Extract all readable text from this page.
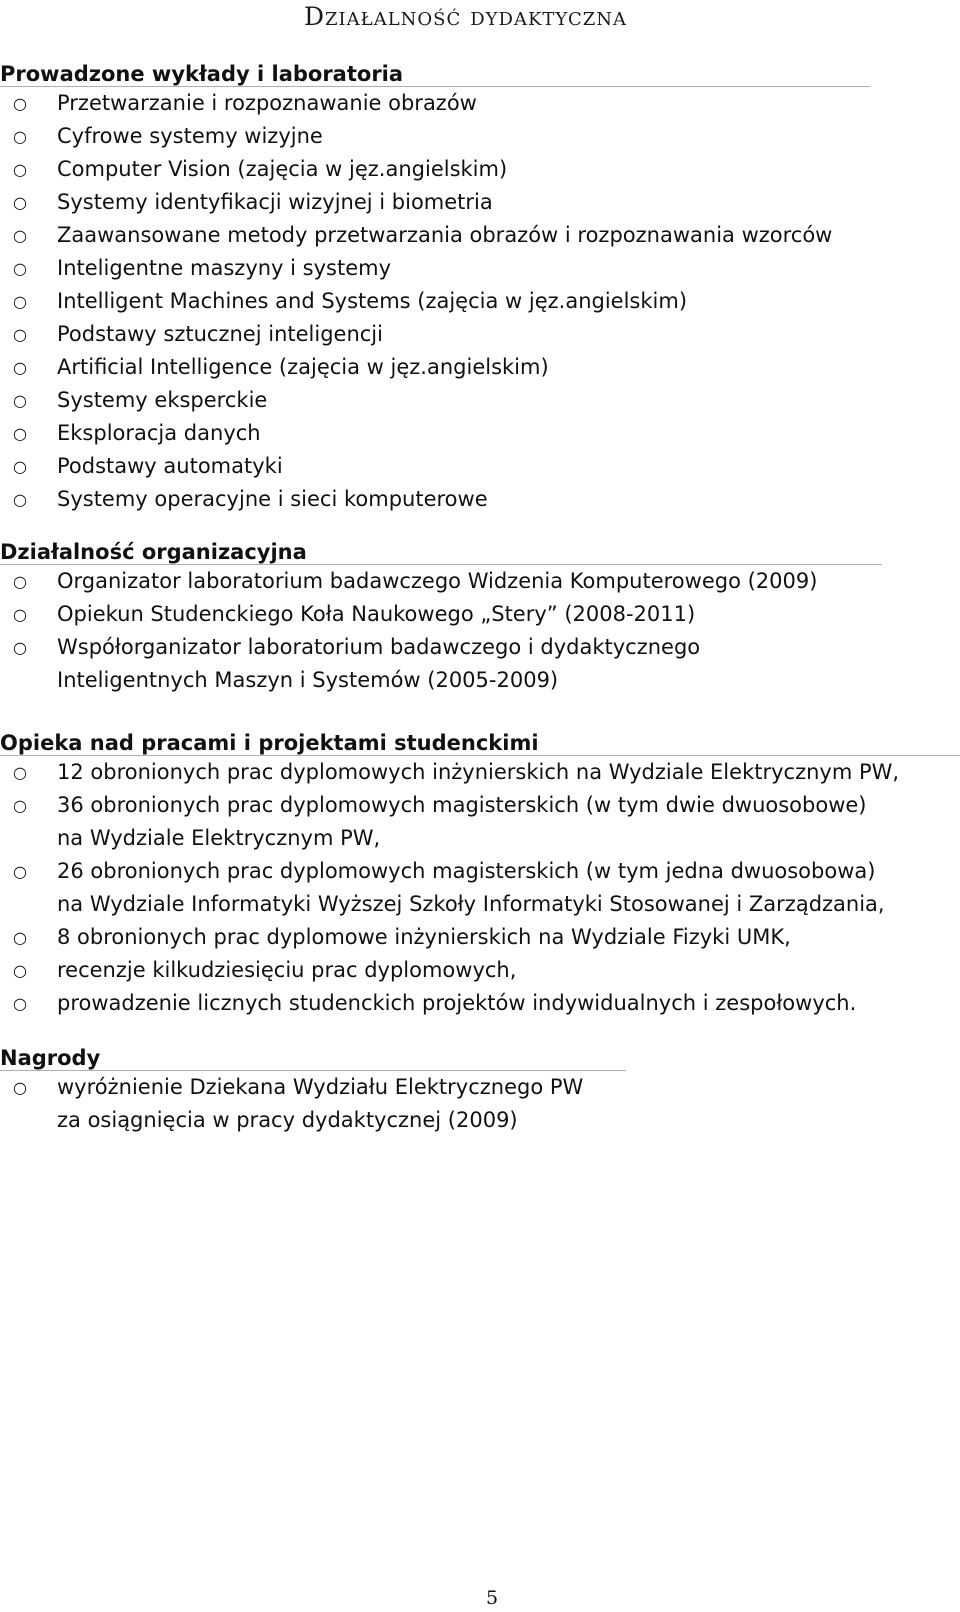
Działalność dydaktyczna
Prowadzone wykłady i laboratoria
○ Przetwarzanie i rozpoznawanie obrazów
○ Cyfrowe systemy wizyjne
○ Computer Vision (zajęcia w jęz.angielskim)
○ Systemy identyfikacji wizyjnej i biometria
○ Zaawansowane metody przetwarzania obrazów i rozpoznawania wzorców
○ Inteligentne maszyny i systemy
○ Intelligent Machines and Systems (zajęcia w jęz.angielskim)
○ Podstawy sztucznej inteligencji
○ Artificial Intelligence (zajęcia w jęz.angielskim)
○ Systemy eksperckie
○ Eksploracja danych
○ Podstawy automatyki
○ Systemy operacyjne i sieci komputerowe
Działalność organizacyjna
○ Organizator laboratorium badawczego Widzenia Komputerowego (2009)
○ Opiekun Studenckiego Koła Naukowego „Stery” (2008-2011)
○ Współorganizator laboratorium badawczego i dydaktycznego
Inteligentnych Maszyn i Systemów (2005-2009)
Opieka nad pracami i projektami studenckimi
○ 12 obronionych prac dyplomowych inżynierskich na Wydziale Elektrycznym PW,
○ 36 obronionych prac dyplomowych magisterskich (w tym dwie dwuosobowe)
na Wydziale Elektrycznym PW,
○ 26 obronionych prac dyplomowych magisterskich (w tym jedna dwuosobowa)
na Wydziale Informatyki Wyższej Szkoły Informatyki Stosowanej i Zarządzania,
○ 8 obronionych prac dyplomowe inżynierskich na Wydziale Fizyki UMK,
○ recenzje kilkudziesięciu prac dyplomowych,
○ prowadzenie licznych studenckich projektów indywidualnych i zespołowych.
Nagrody
○ wyróżnienie Dziekana Wydziału Elektrycznego PW
za osiągnięcia w pracy dydaktycznej (2009)
5
